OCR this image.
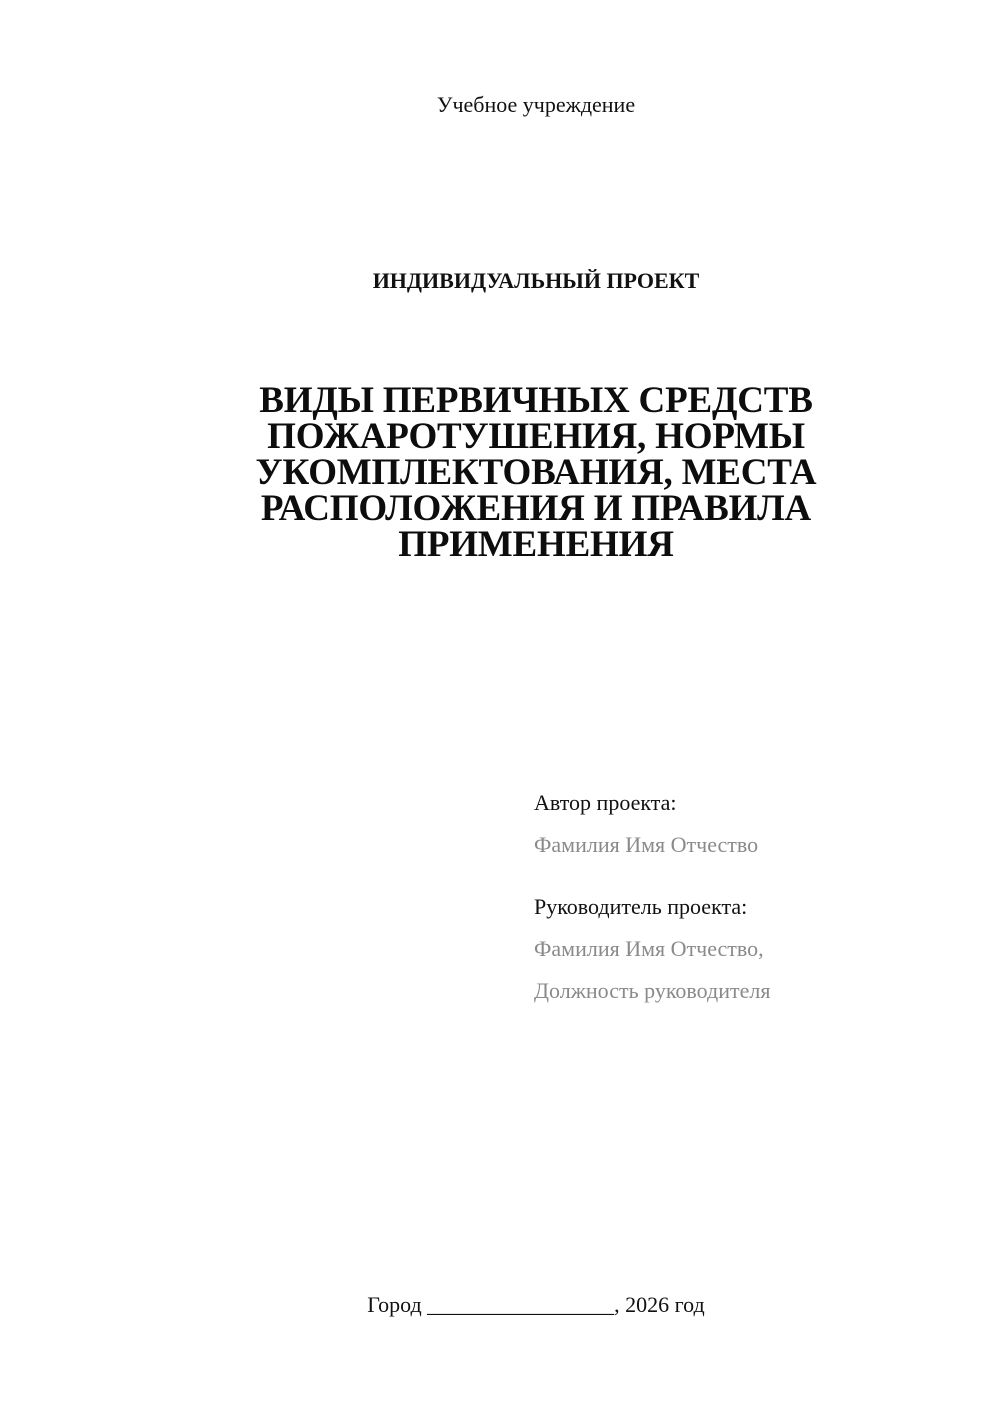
Учебное учреждение
ИНДИВИДУАЛЬНЫЙ ПРОЕКТ
ВИДЫ ПЕРВИЧНЫХ СРЕДСТВ
ПОЖАРОТУШЕНИЯ, НОРМЫ
УКОМПЛЕКТОВАНИЯ, МЕСТА
РАСПОЛОЖЕНИЯ И ПРАВИЛА
ПРИМЕНЕНИЯ
Автор проекта:
Фамилия Имя Отчество
Руководитель проекта:
Фамилия Имя Отчество,
Должность руководителя
Город _________________, 2026 год
